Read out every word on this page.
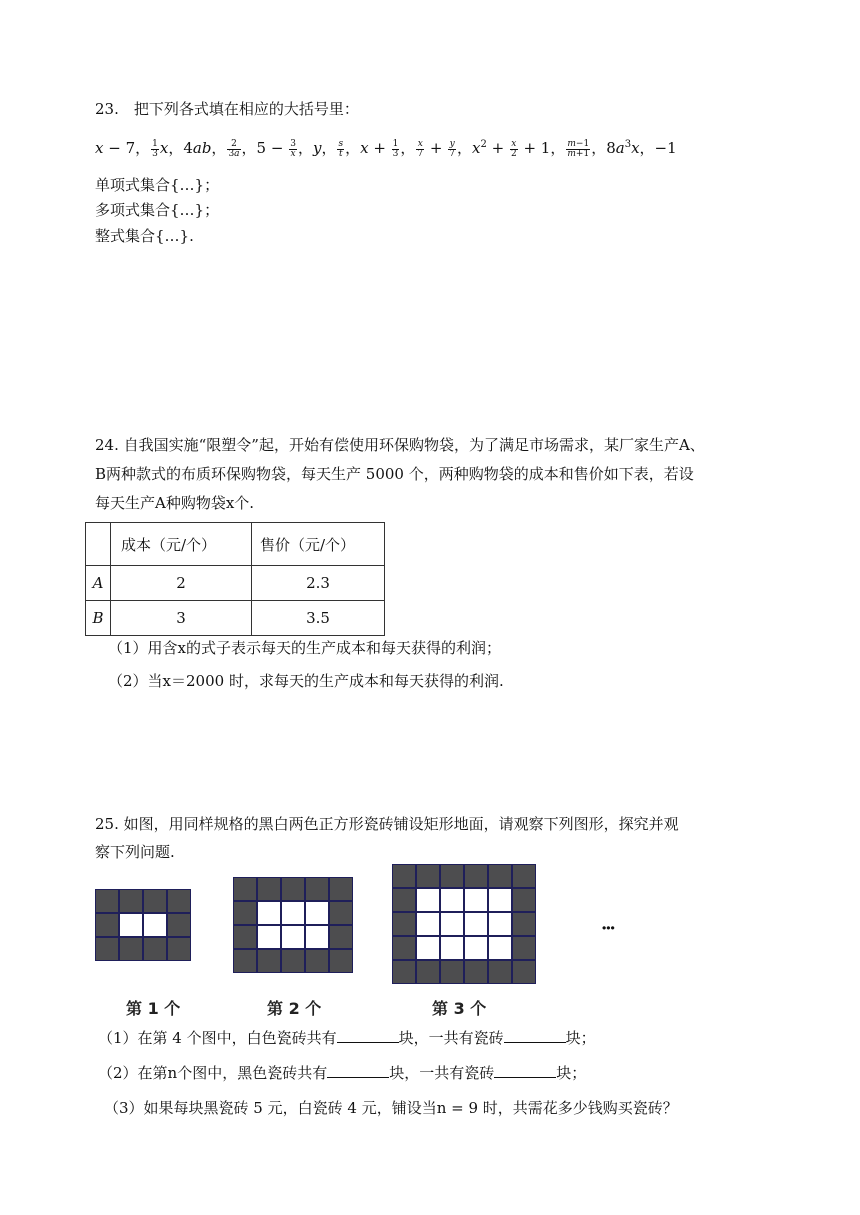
23.　把下列各式填在相应的大括号里：
x − 7， $\frac{1}{3}$ x，4ab， $\frac{2}{3a}$ ，$5 - \frac{3}{x}$ ，y， $\frac{s}{t}$ ，$x + \frac{1}{3}$ ， $\frac{x}{7} + \frac{y}{7}$ ，$x^2 + \frac{x}{2} + 1$， $\frac{m-1}{m+1}$ ，$8a^3x$，−1
单项式集合{…}；
多项式集合{…}；
整式集合{…}.
24. 自我国实施“限塑令”起，开始有偿使用环保购物袋，为了满足市场需求，某厂家生产A、
B两种款式的布质环保购物袋，每天生产 5000 个，两种购物袋的成本和售价如下表，若设
每天生产A种购物袋x个.
	成本（元/个）	售价（元/个）
A	2	2.3
B	3	3.5
（1）用含x的式子表示每天的生产成本和每天获得的利润；
（2）当x＝2000 时，求每天的生产成本和每天获得的利润.
25. 如图，用同样规格的黑白两色正方形瓷砖铺设矩形地面，请观察下列图形，探究并观
察下列问题.
···
第 1 个	第 2 个	第 3 个
（1）在第 4 个图中，白色瓷砖共有	块，一共有瓷砖	块；
（2）在第n个图中，黑色瓷砖共有	块，一共有瓷砖	块；
（3）如果每块黑瓷砖 5 元，白瓷砖 4 元，铺设当n = 9 时，共需花多少钱购买瓷砖？
